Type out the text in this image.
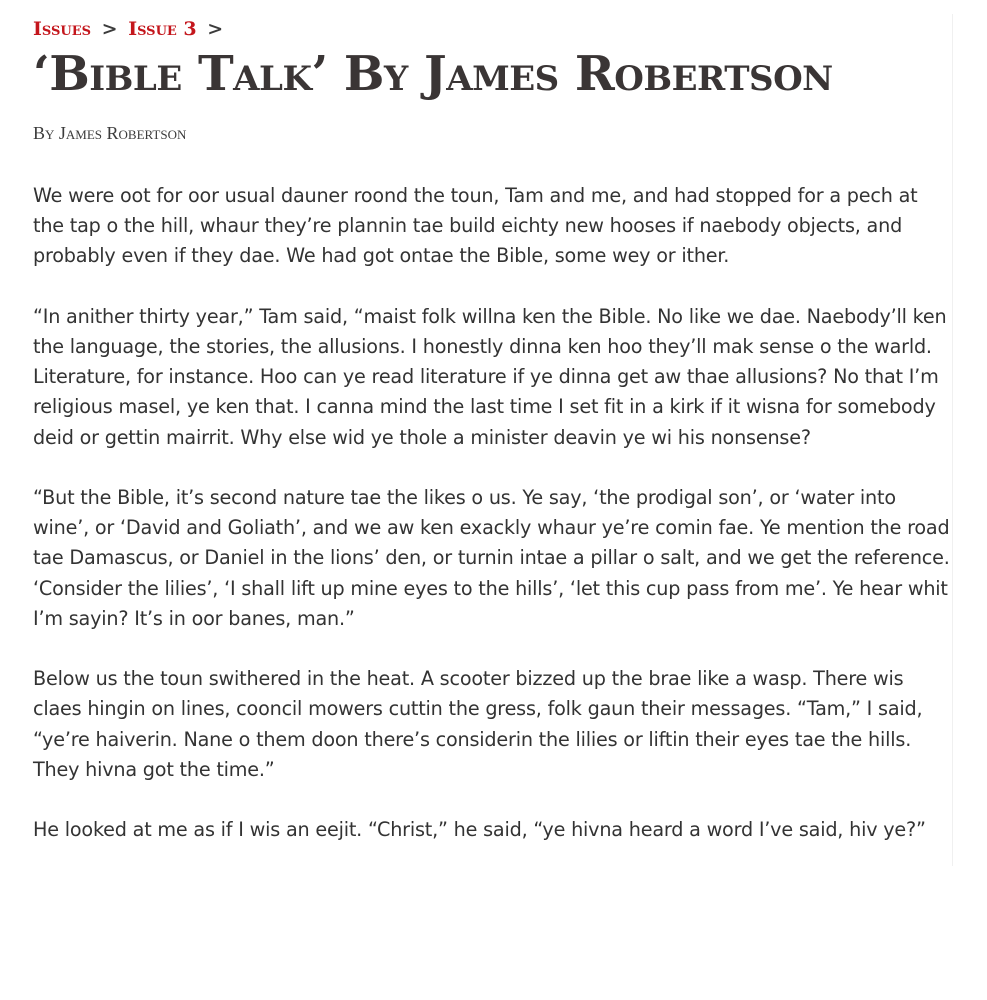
Issues > Issue 3 >
‘Bible Talk’ By James Robertson
By James Robertson

We were oot for oor usual dauner roond the toun, Tam and me, and had stopped for a pech at the tap o the hill, whaur they’re plannin tae build eichty new hooses if naebody objects, and probably even if they dae. We had got ontae the Bible, some wey or ither.

“In anither thirty year,” Tam said, “maist folk willna ken the Bible. No like we dae. Naebody’ll ken the language, the stories, the allusions. I honestly dinna ken hoo they’ll mak sense o the warld. Literature, for instance. Hoo can ye read literature if ye dinna get aw thae allusions? No that I’m religious masel, ye ken that. I canna mind the last time I set fit in a kirk if it wisna for somebody deid or gettin mairrit. Why else wid ye thole a minister deavin ye wi his nonsense?

“But the Bible, it’s second nature tae the likes o us. Ye say, ‘the prodigal son’, or ‘water into wine’, or ‘David and Goliath’, and we aw ken exackly whaur ye’re comin fae. Ye mention the road tae Damascus, or Daniel in the lions’ den, or turnin intae a pillar o salt, and we get the reference. ‘Consider the lilies’, ‘I shall lift up mine eyes to the hills’, ‘let this cup pass from me’. Ye hear whit I’m sayin? It’s in oor banes, man.”

Below us the toun swithered in the heat. A scooter bizzed up the brae like a wasp. There wis claes hingin on lines, cooncil mowers cuttin the gress, folk gaun their messages. “Tam,” I said, “ye’re haiverin. Nane o them doon there’s considerin the lilies or liftin their eyes tae the hills. They hivna got the time.”

He looked at me as if I wis an eejit. “Christ,” he said, “ye hivna heard a word I’ve said, hiv ye?”
